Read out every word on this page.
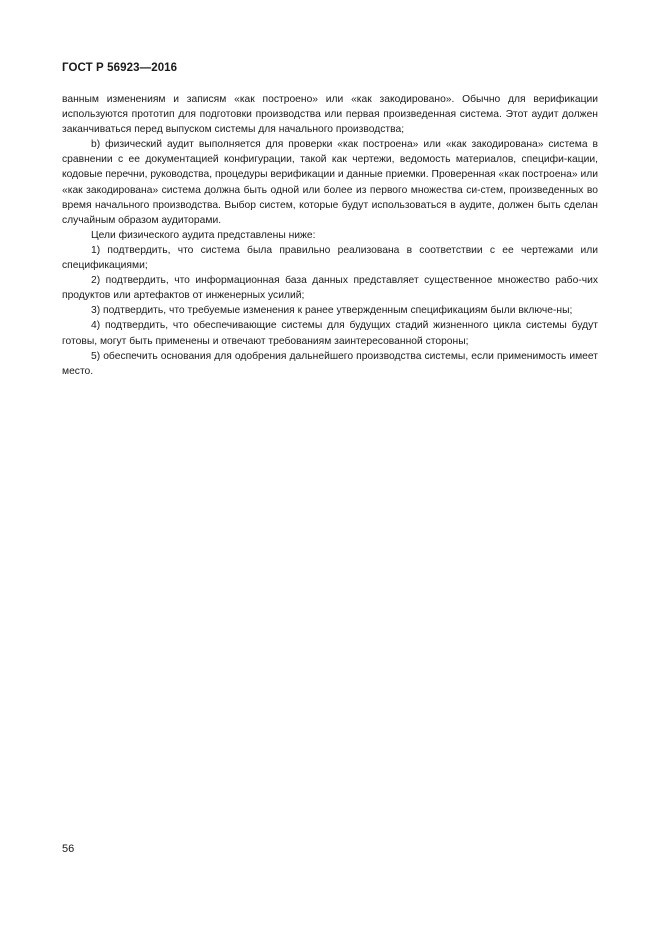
ГОСТ Р 56923—2016

ванным изменениям и записям «как построено» или «как закодировано». Обычно для верификации используются прототип для подготовки производства или первая произведенная система. Этот аудит должен заканчиваться перед выпуском системы для начального производства;

b) физический аудит выполняется для проверки «как построена» или «как закодирована» система в сравнении с ее документацией конфигурации, такой как чертежи, ведомость материалов, специфи-кации, кодовые перечни, руководства, процедуры верификации и данные приемки. Проверенная «как построена» или «как закодирована» система должна быть одной или более из первого множества си-стем, произведенных во время начального производства. Выбор систем, которые будут использоваться в аудите, должен быть сделан случайным образом аудиторами.

Цели физического аудита представлены ниже:

1) подтвердить, что система была правильно реализована в соответствии с ее чертежами или спецификациями;

2) подтвердить, что информационная база данных представляет существенное множество рабо-чих продуктов или артефактов от инженерных усилий;

3) подтвердить, что требуемые изменения к ранее утвержденным спецификациям были включе-ны;

4) подтвердить, что обеспечивающие системы для будущих стадий жизненного цикла системы будут готовы, могут быть применены и отвечают требованиям заинтересованной стороны;

5) обеспечить основания для одобрения дальнейшего производства системы, если применимость имеет место.

56
